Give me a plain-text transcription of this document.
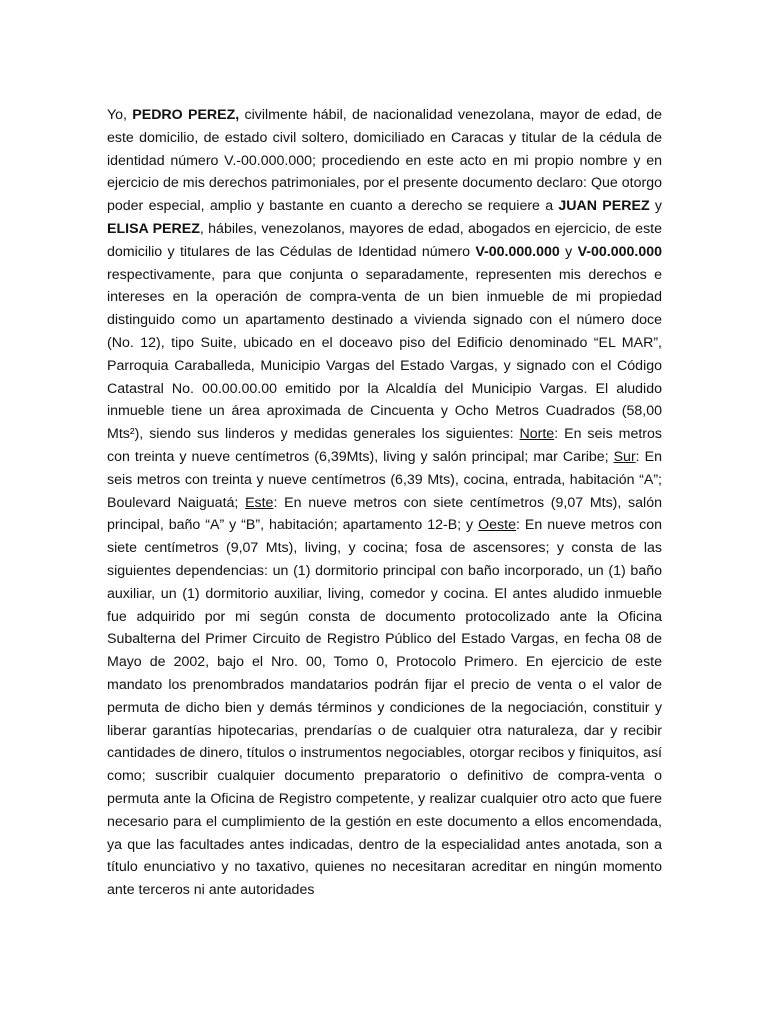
Yo, PEDRO PEREZ, civilmente hábil, de nacionalidad venezolana, mayor de edad, de este domicilio, de estado civil soltero, domiciliado en Caracas y titular de la cédula de identidad número V.-00.000.000; procediendo en este acto en mi propio nombre y en ejercicio de mis derechos patrimoniales, por el presente documento declaro: Que otorgo poder especial, amplio y bastante en cuanto a derecho se requiere a JUAN PEREZ y ELISA PEREZ, hábiles, venezolanos, mayores de edad, abogados en ejercicio, de este domicilio y titulares de las Cédulas de Identidad número V-00.000.000 y V-00.000.000 respectivamente, para que conjunta o separadamente, representen mis derechos e intereses en la operación de compra-venta de un bien inmueble de mi propiedad distinguido como un apartamento destinado a vivienda signado con el número doce (No. 12), tipo Suite, ubicado en el doceavo piso del Edificio denominado “EL MAR”, Parroquia Caraballeda, Municipio Vargas del Estado Vargas, y signado con el Código Catastral No. 00.00.00.00 emitido por la Alcaldía del Municipio Vargas. El aludido inmueble tiene un área aproximada de Cincuenta y Ocho Metros Cuadrados (58,00 Mts²), siendo sus linderos y medidas generales los siguientes: Norte: En seis metros con treinta y nueve centímetros (6,39Mts), living y salón principal; mar Caribe; Sur: En seis metros con treinta y nueve centímetros (6,39 Mts), cocina, entrada, habitación “A”; Boulevard Naiguatá; Este: En nueve metros con siete centímetros (9,07 Mts), salón principal, baño “A” y “B”, habitación; apartamento 12-B; y Oeste: En nueve metros con siete centímetros (9,07 Mts), living, y cocina; fosa de ascensores; y consta de las siguientes dependencias: un (1) dormitorio principal con baño incorporado, un (1) baño auxiliar, un (1) dormitorio auxiliar, living, comedor y cocina. El antes aludido inmueble fue adquirido por mi según consta de documento protocolizado ante la Oficina Subalterna del Primer Circuito de Registro Público del Estado Vargas, en fecha 08 de Mayo de 2002, bajo el Nro. 00, Tomo 0, Protocolo Primero. En ejercicio de este mandato los prenombrados mandatarios podrán fijar el precio de venta o el valor de permuta de dicho bien y demás términos y condiciones de la negociación, constituir y liberar garantías hipotecarias, prendarías o de cualquier otra naturaleza, dar y recibir cantidades de dinero, títulos o instrumentos negociables, otorgar recibos y finiquitos, así como; suscribir cualquier documento preparatorio o definitivo de compra-venta o permuta ante la Oficina de Registro competente, y realizar cualquier otro acto que fuere necesario para el cumplimiento de la gestión en este documento a ellos encomendada, ya que las facultades antes indicadas, dentro de la especialidad antes anotada, son a título enunciativo y no taxativo, quienes no necesitaran acreditar en ningún momento ante terceros ni ante autoridades
